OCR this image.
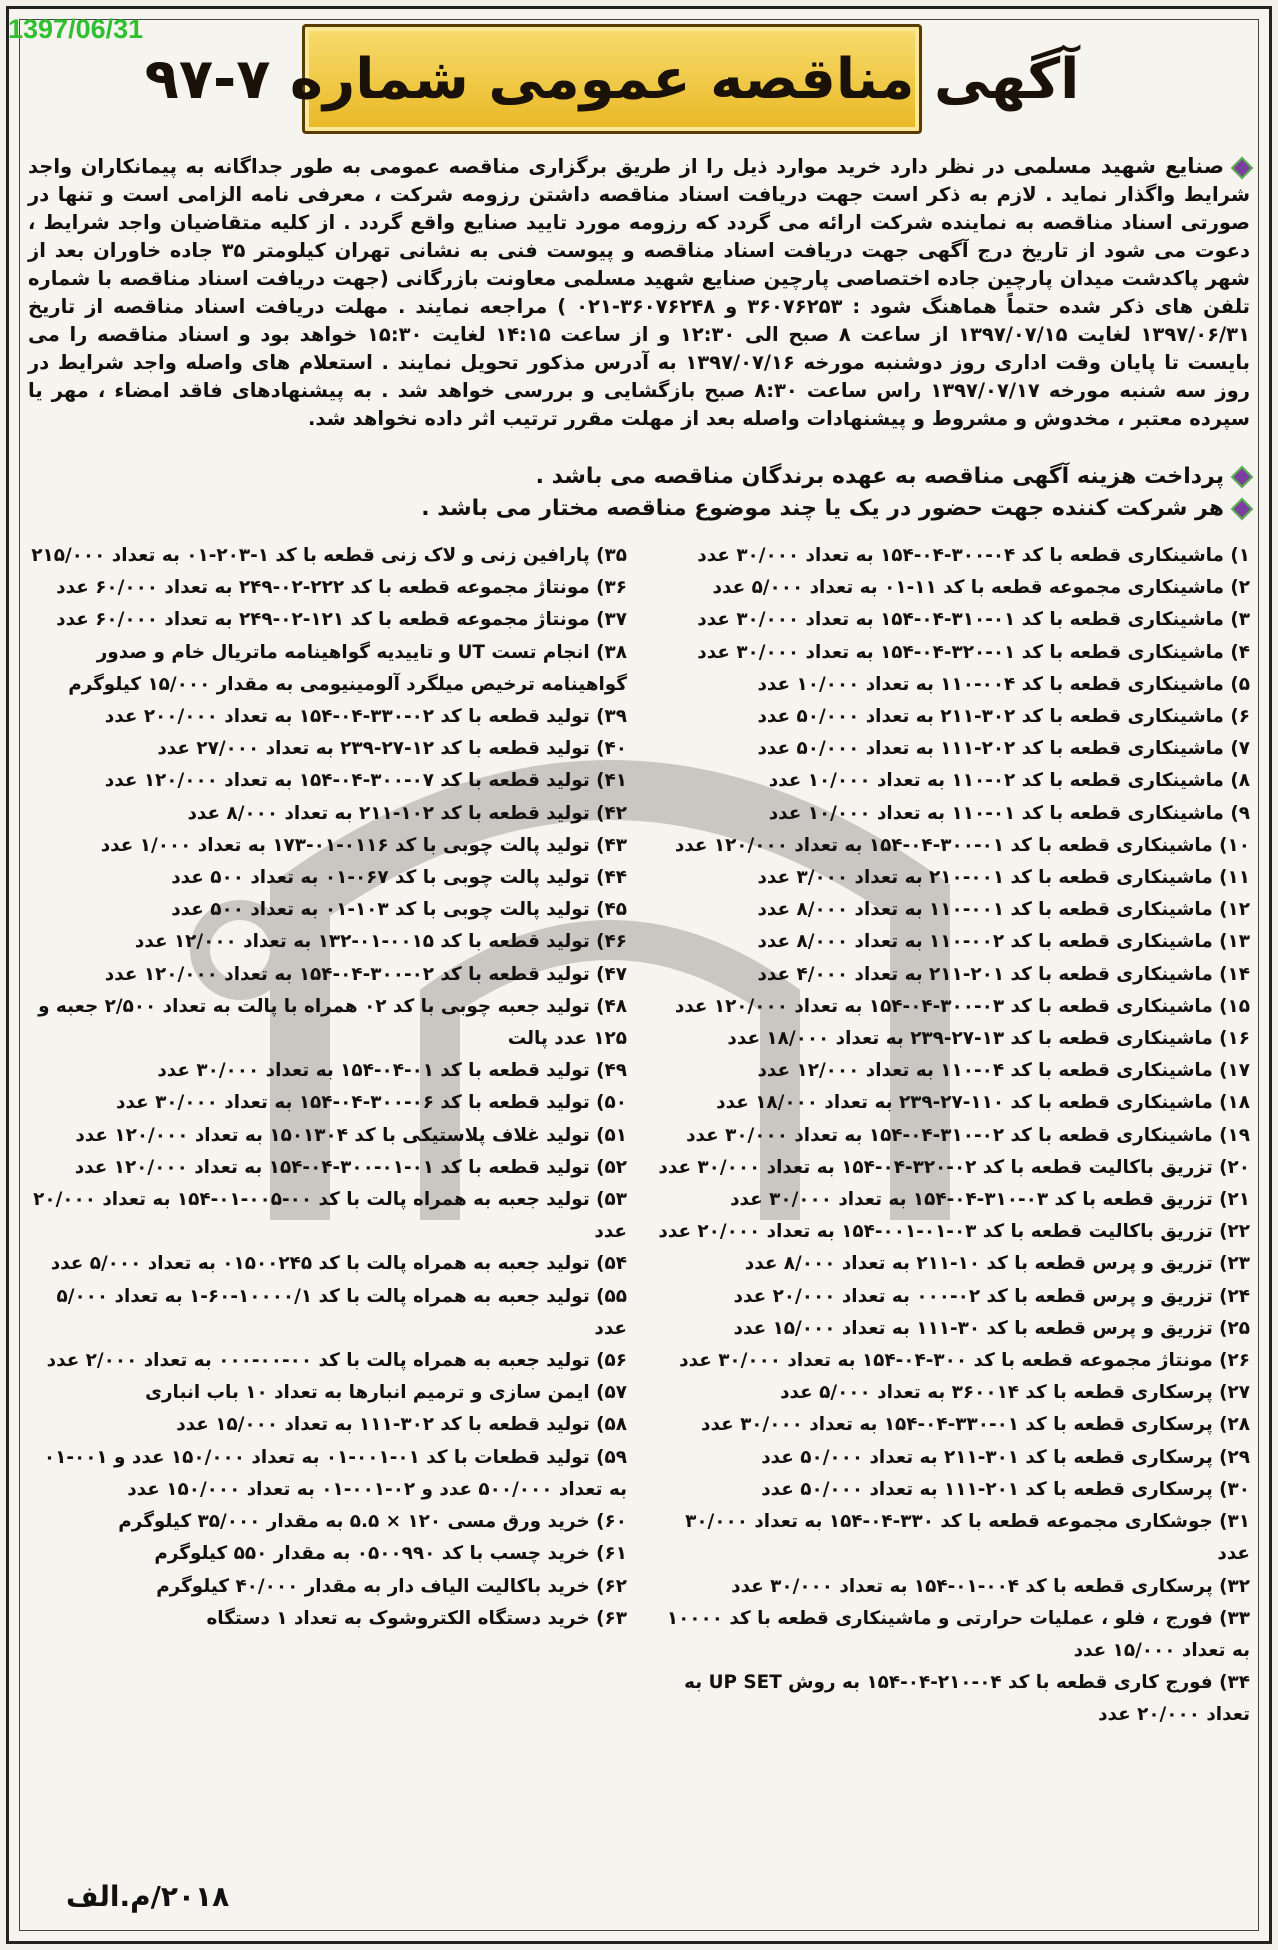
1397/06/31
آگهی مناقصه عمومی شماره ۷-۹۷
صنایع شهید مسلمی در نظر دارد خرید موارد ذیل را از طریق برگزاری مناقصه عمومی به طور جداگانه به پیمانکاران واجد شرایط واگذار نماید . لازم به ذکر است جهت دریافت اسناد مناقصه داشتن رزومه شرکت ، معرفی نامه الزامی است و تنها در صورتی اسناد مناقصه به نماینده شرکت ارائه می گردد که رزومه مورد تایید صنایع واقع گردد . از کلیه متقاضیان واجد شرایط ، دعوت می شود از تاریخ درج آگهی جهت دریافت اسناد مناقصه و پیوست فنی به نشانی تهران کیلومتر ۳۵ جاده خاوران بعد از شهر پاکدشت میدان پارچین جاده اختصاصی پارچین صنایع شهید مسلمی معاونت بازرگانی (جهت دریافت اسناد مناقصه با شماره تلفن های ذکر شده حتماً هماهنگ شود : ۳۶۰۷۶۲۵۳ و ۳۶۰۷۶۲۴۸-۰۲۱ ) مراجعه نمایند . مهلت دریافت اسناد مناقصه از تاریخ ۱۳۹۷/۰۶/۳۱ لغایت ۱۳۹۷/۰۷/۱۵ از ساعت ۸ صبح الی ۱۲:۳۰ و از ساعت ۱۴:۱۵ لغایت ۱۵:۳۰ خواهد بود و اسناد مناقصه را می بایست تا پایان وقت اداری روز دوشنبه مورخه ۱۳۹۷/۰۷/۱۶ به آدرس مذکور تحویل نمایند . استعلام های واصله واجد شرایط در روز سه شنبه مورخه ۱۳۹۷/۰۷/۱۷ راس ساعت ۸:۳۰ صبح بازگشایی و بررسی خواهد شد . به پیشنهادهای فاقد امضاء ، مهر یا سپرده معتبر ، مخدوش و مشروط و پیشنهادات واصله بعد از مهلت مقرر ترتیب اثر داده نخواهد شد.
پرداخت هزینه آگهی مناقصه به عهده برندگان مناقصه می باشد .
هر شرکت کننده جهت حضور در یک یا چند موضوع مناقصه مختار می باشد .

۱) ماشینکاری قطعه با کد ۰۴-۳۰۰-۰۴-۱۵۴ به تعداد ۳۰/۰۰۰ عدد

۲) ماشینکاری مجموعه قطعه با کد ۱۱-۰۱ به تعداد ۵/۰۰۰ عدد

۳) ماشینکاری قطعه با کد ۰۱-۳۱۰-۰۴-۱۵۴ به تعداد ۳۰/۰۰۰ عدد

۴) ماشینکاری قطعه با کد ۰۱-۳۲۰-۰۴-۱۵۴ به تعداد ۳۰/۰۰۰ عدد

۵) ماشینکاری قطعه با کد ۰۰۴-۱۱۰ به تعداد ۱۰/۰۰۰ عدد

۶) ماشینکاری قطعه با کد ۳۰۲-۲۱۱ به تعداد ۵۰/۰۰۰ عدد

۷) ماشینکاری قطعه با کد ۲۰۲-۱۱۱ به تعداد ۵۰/۰۰۰ عدد

۸) ماشینکاری قطعه با کد ۰۲-۱۱۰ به تعداد ۱۰/۰۰۰ عدد

۹) ماشینکاری قطعه با کد ۰۱-۱۱۰ به تعداد ۱۰/۰۰۰ عدد

۱۰) ماشینکاری قطعه با کد ۰۱-۳۰۰-۰۴-۱۵۴ به تعداد ۱۲۰/۰۰۰ عدد

۱۱) ماشینکاری قطعه با کد ۰۰۱-۲۱۰ به تعداد ۳/۰۰۰ عدد

۱۲) ماشینکاری قطعه با کد ۰۰۱-۱۱۰ به تعداد ۸/۰۰۰ عدد

۱۳) ماشینکاری قطعه با کد ۰۰۲-۱۱۰ به تعداد ۸/۰۰۰ عدد

۱۴) ماشینکاری قطعه با کد ۲۰۱-۲۱۱ به تعداد ۴/۰۰۰ عدد

۱۵) ماشینکاری قطعه با کد ۰۳-۳۰۰-۰۴-۱۵۴ به تعداد ۱۲۰/۰۰۰ عدد

۱۶) ماشینکاری قطعه با کد ۱۳-۲۷-۲۳۹ به تعداد ۱۸/۰۰۰ عدد

۱۷) ماشینکاری قطعه با کد ۰۴-۱۱۰ به تعداد ۱۲/۰۰۰ عدد

۱۸) ماشینکاری قطعه با کد ۱۱۰-۲۷-۲۳۹ به تعداد ۱۸/۰۰۰ عدد

۱۹) ماشینکاری قطعه با کد ۰۲-۳۱۰-۰۴-۱۵۴ به تعداد ۳۰/۰۰۰ عدد

۲۰) تزریق باکالیت قطعه با کد ۰۲-۳۲۰-۰۴-۱۵۴ به تعداد ۳۰/۰۰۰ عدد

۲۱) تزریق قطعه با کد ۰۳-۳۱۰-۰۴-۱۵۴ به تعداد ۳۰/۰۰۰ عدد

۲۲) تزریق باکالیت قطعه با کد ۰۳-۰۱-۰۰۱-۱۵۴ به تعداد ۲۰/۰۰۰ عدد

۲۳) تزریق و پرس قطعه با کد ۱۰-۲۱۱ به تعداد ۸/۰۰۰ عدد

۲۴) تزریق و پرس قطعه با کد ۰۲-۰۰۰ به تعداد ۲۰/۰۰۰ عدد

۲۵) تزریق و پرس قطعه با کد ۳۰-۱۱۱ به تعداد ۱۵/۰۰۰ عدد

۲۶) مونتاژ مجموعه قطعه با کد ۳۰۰-۰۴-۱۵۴ به تعداد ۳۰/۰۰۰ عدد

۲۷) پرسکاری قطعه با کد ۳۶۰۰۱۴ به تعداد ۵/۰۰۰ عدد

۲۸) پرسکاری قطعه با کد ۰۱-۳۳۰-۰۴-۱۵۴ به تعداد ۳۰/۰۰۰ عدد

۲۹) پرسکاری قطعه با کد ۳۰۱-۲۱۱ به تعداد ۵۰/۰۰۰ عدد

۳۰) پرسکاری قطعه با کد ۲۰۱-۱۱۱ به تعداد ۵۰/۰۰۰ عدد

۳۱) جوشکاری مجموعه قطعه با کد ۳۳۰-۰۴-۱۵۴ به تعداد ۳۰/۰۰۰ عدد

۳۲) پرسکاری قطعه با کد ۰۰۴-۰۱-۱۵۴ به تعداد ۳۰/۰۰۰ عدد

۳۳) فورج ، فلو ، عملیات حرارتی و ماشینکاری قطعه با کد ۱۰۰۰۰ به تعداد ۱۵/۰۰۰ عدد

۳۴) فورج کاری قطعه با کد ۰۴-۲۱۰-۰۴-۱۵۴ به روش UP SET به تعداد ۲۰/۰۰۰ عدد

۳۵) پارافین زنی و لاک زنی قطعه با کد ۱-۲۰۳-۰۱ به تعداد ۲۱۵/۰۰۰

۳۶) مونتاژ مجموعه قطعه با کد ۲۲۲-۰۲-۲۴۹ به تعداد ۶۰/۰۰۰ عدد

۳۷) مونتاژ مجموعه قطعه با کد ۱۲۱-۰۲-۲۴۹ به تعداد ۶۰/۰۰۰ عدد

۳۸) انجام تست UT و تاییدیه گواهینامه ماتریال خام و صدور گواهینامه ترخیص میلگرد آلومینیومی به مقدار ۱۵/۰۰۰ کیلوگرم

۳۹) تولید قطعه با کد ۰۲-۳۳۰-۰۴-۱۵۴ به تعداد ۲۰۰/۰۰۰ عدد

۴۰) تولید قطعه با کد ۱۲-۲۷-۲۳۹ به تعداد ۲۷/۰۰۰ عدد

۴۱) تولید قطعه با کد ۰۷-۳۰۰-۰۴-۱۵۴ به تعداد ۱۲۰/۰۰۰ عدد

۴۲) تولید قطعه با کد ۱۰۲-۲۱۱ به تعداد ۸/۰۰۰ عدد

۴۳) تولید پالت چوبی با کد ۰۱۱۶-۰۱-۱۷۳ به تعداد ۱/۰۰۰ عدد

۴۴) تولید پالت چوبی با کد ۰۶۷-۰۱ به تعداد ۵۰۰ عدد

۴۵) تولید پالت چوبی با کد ۱۰۳-۰۱ به تعداد ۵۰۰ عدد

۴۶) تولید قطعه با کد ۰۰۱۵-۰۱-۱۳۲ به تعداد ۱۲/۰۰۰ عدد

۴۷) تولید قطعه با کد ۰۲-۳۰۰-۰۴-۱۵۴ به تعداد ۱۲۰/۰۰۰ عدد

۴۸) تولید جعبه چوبی با کد ۰۲ همراه با پالت به تعداد ۲/۵۰۰ جعبه و ۱۲۵ عدد پالت

۴۹) تولید قطعه با کد ۰۱-۰۴-۱۵۴ به تعداد ۳۰/۰۰۰ عدد

۵۰) تولید قطعه با کد ۰۶-۳۰۰-۰۴-۱۵۴ به تعداد ۳۰/۰۰۰ عدد

۵۱) تولید غلاف پلاستیکی با کد ۱۵۰۱۳۰۴ به تعداد ۱۲۰/۰۰۰ عدد

۵۲) تولید قطعه با کد ۰۱-۰۱-۳۰۰-۰۴-۱۵۴ به تعداد ۱۲۰/۰۰۰ عدد

۵۳) تولید جعبه به همراه پالت با کد ۰۰-۰۰۵-۰۱-۱۵۴ به تعداد ۲۰/۰۰۰ عدد

۵۴) تولید جعبه به همراه پالت با کد ۰۱۵۰۰۲۴۵ به تعداد ۵/۰۰۰ عدد

۵۵) تولید جعبه به همراه پالت با کد ۱۰۰۰۰/۱-۶۰-۱ به تعداد ۵/۰۰۰ عدد

۵۶) تولید جعبه به همراه پالت با کد ۰۰-۰۰-۰۰۰ به تعداد ۲/۰۰۰ عدد

۵۷) ایمن سازی و ترمیم انبارها به تعداد ۱۰ باب انباری

۵۸) تولید قطعه با کد ۳۰۲-۱۱۱ به تعداد ۱۵/۰۰۰ عدد

۵۹) تولید قطعات با کد ۰۱-۰۰۱-۰۱ به تعداد ۱۵۰/۰۰۰ عدد و ۰۰۱-۰۱ به تعداد ۵۰۰/۰۰۰ عدد و ۰۲-۰۰۱-۰۱ به تعداد ۱۵۰/۰۰۰ عدد

۶۰) خرید ورق مسی ۱۲۰ × ۵.۵ به مقدار ۳۵/۰۰۰ کیلوگرم

۶۱) خرید چسب با کد ۰۵۰۰۹۹۰ به مقدار ۵۵۰ کیلوگرم

۶۲) خرید باکالیت الیاف دار به مقدار ۴۰/۰۰۰ کیلوگرم

۶۳) خرید دستگاه الکتروشوک به تعداد ۱ دستگاه

۲۰۱۸/م.الف
